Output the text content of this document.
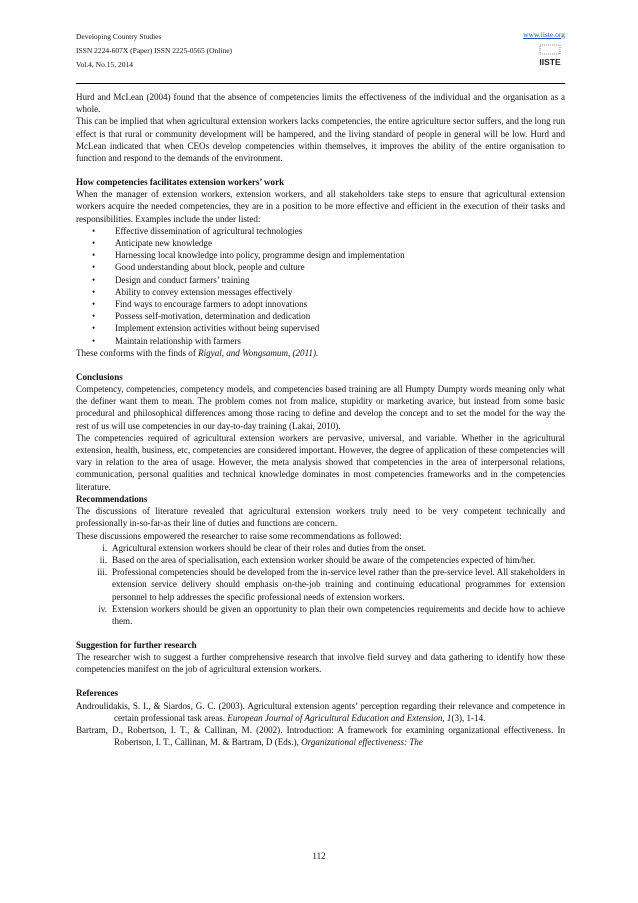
Developing Country Studies
ISSN 2224-607X (Paper) ISSN 2225-0565 (Online)
Vol.4, No.15, 2014
www.iiste.org
IISTE

Hurd and McLean (2004) found that the absence of competencies limits the effectiveness of the individual and the organisation as a whole.

This can be implied that when agricultural extension workers lacks competencies, the entire agriculture sector suffers, and the long run effect is that rural or community development will be hampered, and the living standard of people in general will be low. Hurd and McLean indicated that when CEOs develop competencies within themselves, it improves the ability of the entire organisation to function and respond to the demands of the environment.

How competencies facilitates extension workers’ work

When the manager of extension workers, extension workers, and all stakeholders take steps to ensure that agricultural extension workers acquire the needed competencies, they are in a position to be more effective and efficient in the execution of their tasks and responsibilities. Examples include the under listed:

• Effective dissemination of agricultural technologies
• Anticipate new knowledge
• Harnessing local knowledge into policy, programme design and implementation
• Good understanding about block, people and culture
• Design and conduct farmers’ training
• Ability to convey extension messages effectively
• Find ways to encourage farmers to adopt innovations
• Possess self-motivation, determination and dedication
• Implement extension activities without being supervised
• Maintain relationship with farmers

These conforms with the finds of Rigyal, and Wongsamum, (2011).

Conclusions

Competency, competencies, competency models, and competencies based training are all Humpty Dumpty words meaning only what the definer want them to mean. The problem comes not from malice, stupidity or marketing avarice, but instead from some basic procedural and philosophical differences among those racing to define and develop the concept and to set the model for the way the rest of us will use competencies in our day-to-day training (Lakai, 2010).

The competencies required of agricultural extension workers are pervasive, universal, and variable. Whether in the agricultural extension, health, business, etc, competencies are considered important. However, the degree of application of these competencies will vary in relation to the area of usage. However, the meta analysis showed that competencies in the area of interpersonal relations, communication, personal qualities and technical knowledge dominates in most competencies frameworks and in the competencies literature.

Recommendations

The discussions of literature revealed that agricultural extension workers truly need to be very competent technically and professionally in-so-far-as their line of duties and functions are concern.

These discussions empowered the researcher to raise some recommendations as followed:

i. Agricultural extension workers should be clear of their roles and duties from the onset.
ii. Based on the area of specialisation, each extension worker should be aware of the competencies expected of him/her.
iii. Professional competencies should be developed from the in-service level rather than the pre-service level. All stakeholders in extension service delivery should emphasis on-the-job training and continuing educational programmes for extension personnel to help addresses the specific professional needs of extension workers.
iv. Extension workers should be given an opportunity to plan their own competencies requirements and decide how to achieve them.

Suggestion for further research

The researcher wish to suggest a further comprehensive research that involve field survey and data gathering to identify how these competencies manifest on the job of agricultural extension workers.

References

Androulidakis, S. I., & Siardos, G. C. (2003). Agricultural extension agents’ perception regarding their relevance and competence in certain professional task areas. European Journal of Agricultural Education and Extension, 1(3), 1-14.

Bartram, D., Robertson, I. T., & Callinan, M. (2002). Introduction: A framework for examining organizational effectiveness. In Robertson, I. T., Callinan, M. & Bartram, D (Eds.), Organizational effectiveness: The

112
